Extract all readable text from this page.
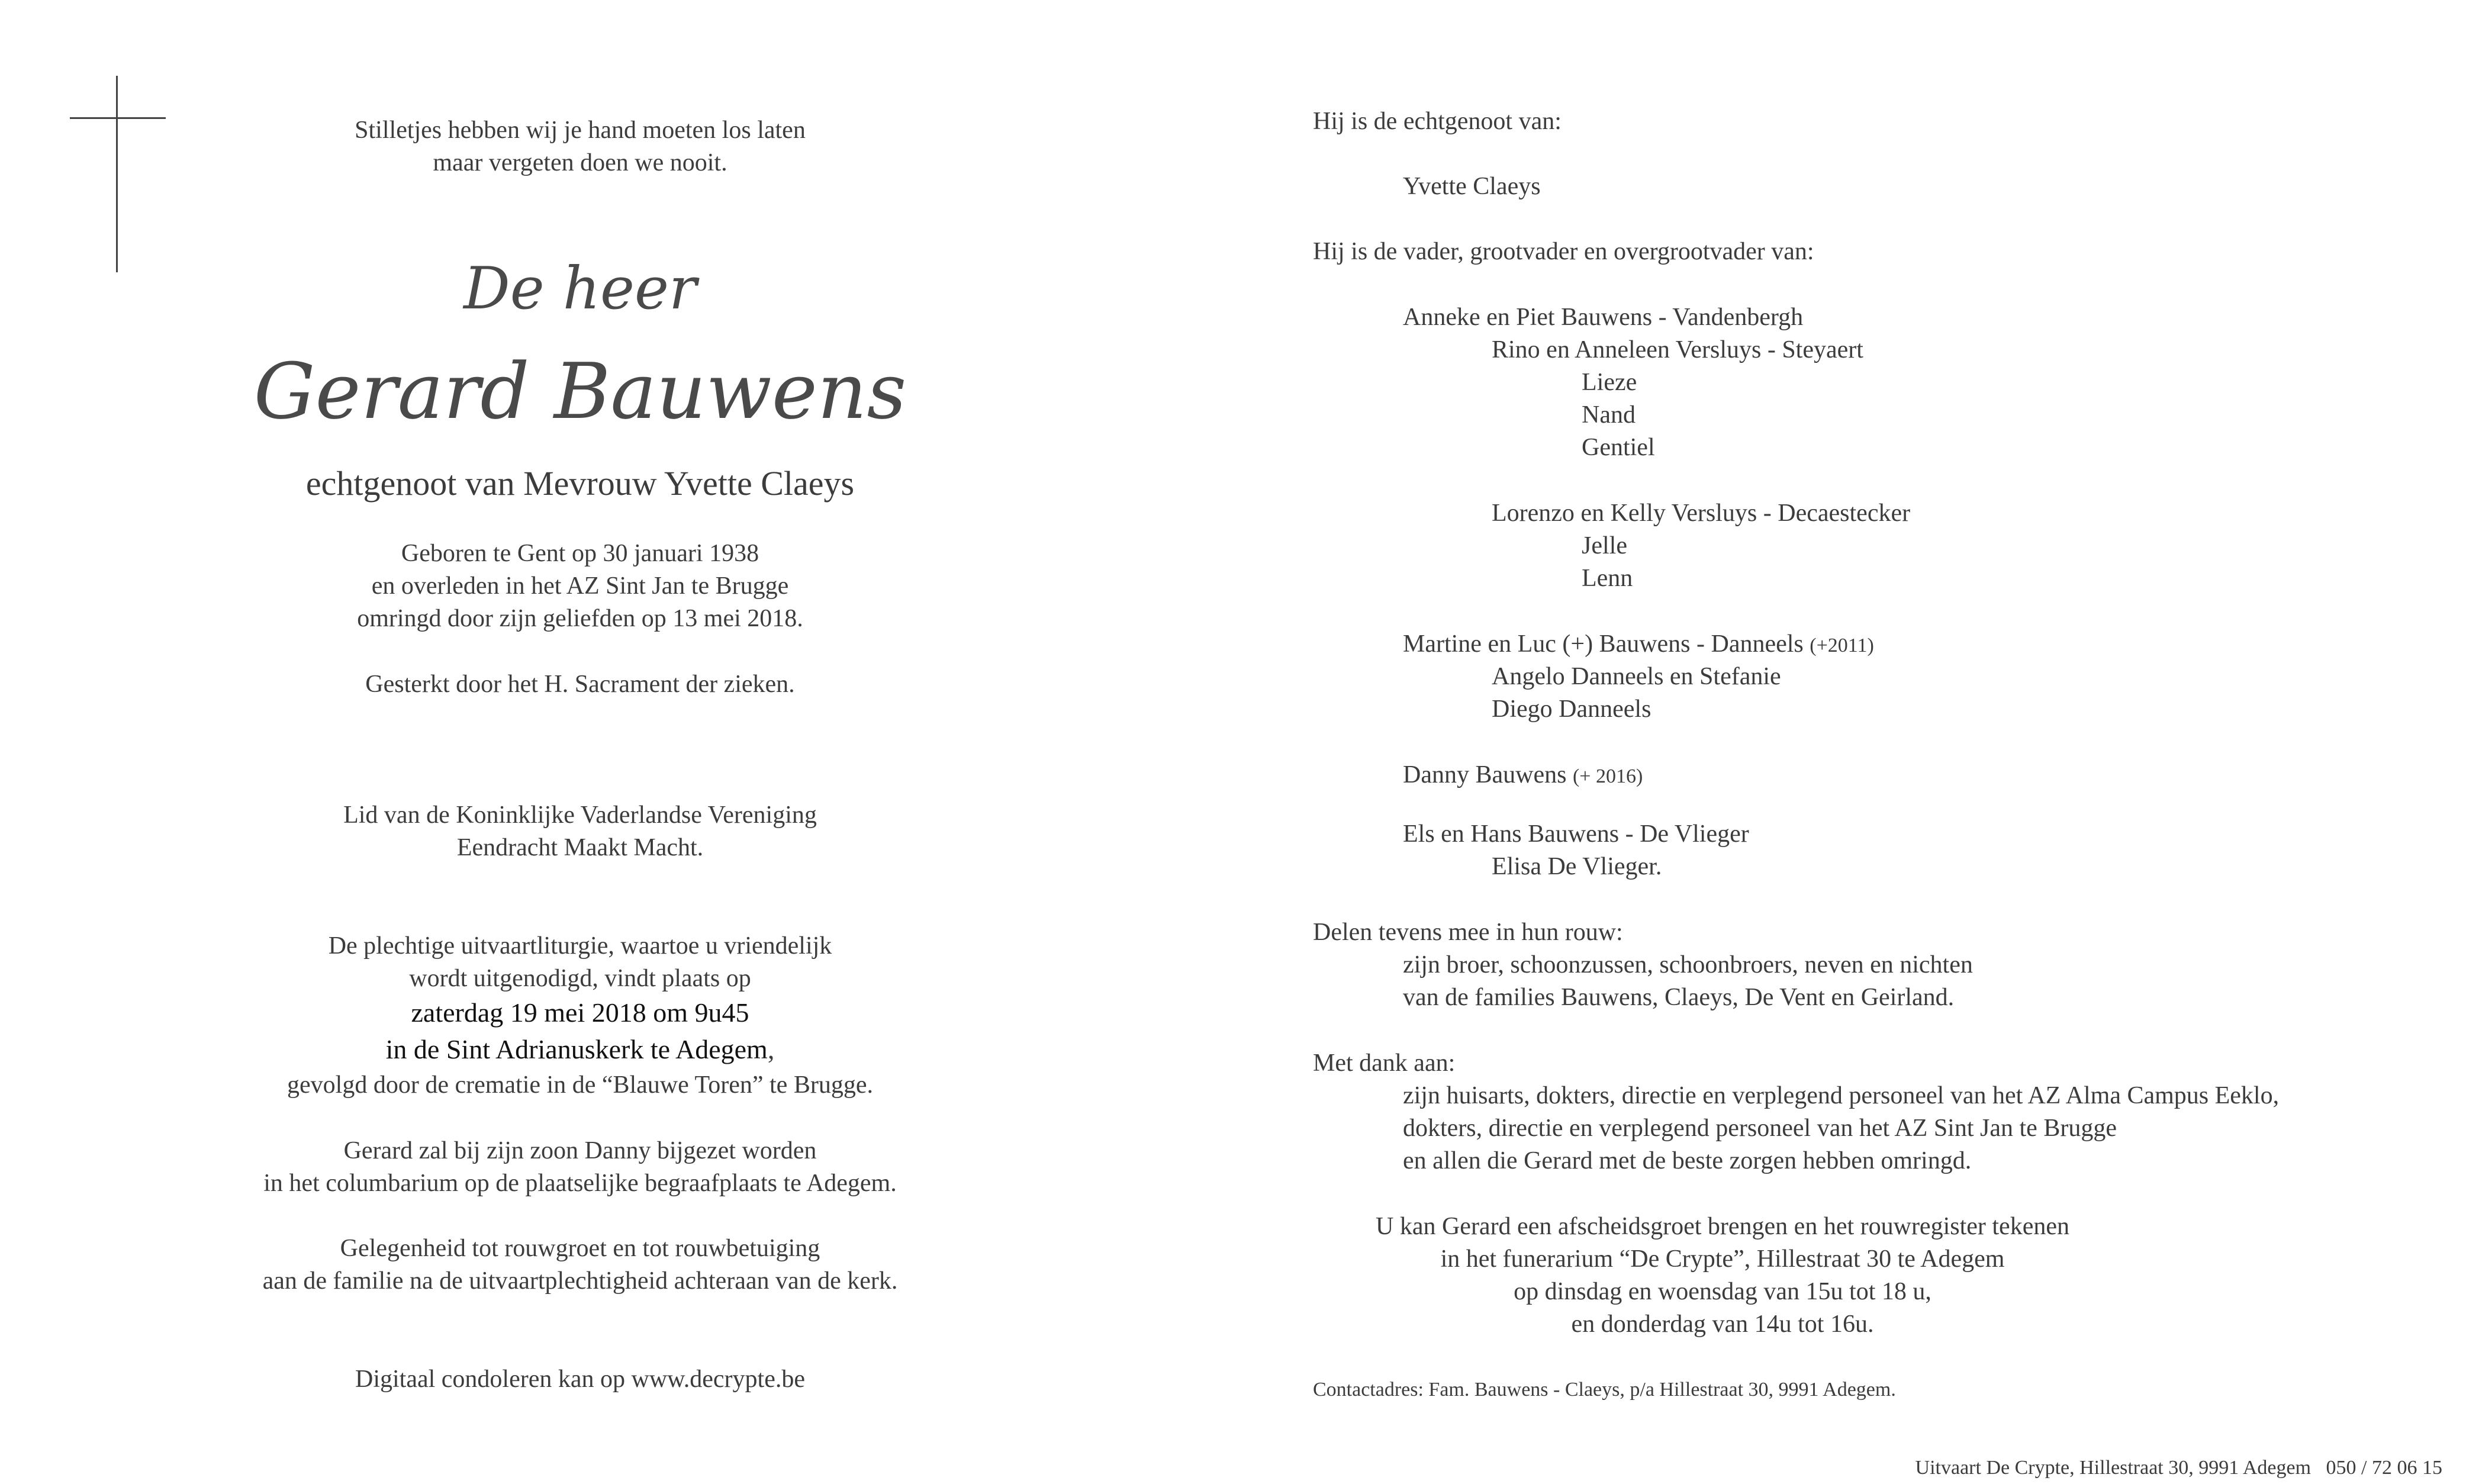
Stilletjes hebben wij je hand moeten los laten
maar vergeten doen we nooit.
De heer
Gerard Bauwens
echtgenoot van Mevrouw Yvette Claeys
Geboren te Gent op 30 januari 1938
en overleden in het AZ Sint Jan te Brugge
omringd door zijn geliefden op 13 mei 2018.
Gesterkt door het H. Sacrament der zieken.
Lid van de Koninklijke Vaderlandse Vereniging
Eendracht Maakt Macht.
De plechtige uitvaartliturgie, waartoe u vriendelijk
wordt uitgenodigd, vindt plaats op
zaterdag 19 mei 2018 om 9u45
in de Sint Adrianuskerk te Adegem,
gevolgd door de crematie in de “Blauwe Toren” te Brugge.
Gerard zal bij zijn zoon Danny bijgezet worden
in het columbarium op de plaatselijke begraafplaats te Adegem.
Gelegenheid tot rouwgroet en tot rouwbetuiging
aan de familie na de uitvaartplechtigheid achteraan van de kerk.
Digitaal condoleren kan op www.decrypte.be
Hij is de echtgenoot van:
Yvette Claeys
Hij is de vader, grootvader en overgrootvader van:
Anneke en Piet Bauwens - Vandenbergh
Rino en Anneleen Versluys - Steyaert
Lieze
Nand
Gentiel
Lorenzo en Kelly Versluys - Decaestecker
Jelle
Lenn
Martine en Luc (+) Bauwens - Danneels (+2011)
Angelo Danneels en Stefanie
Diego Danneels
Danny Bauwens (+ 2016)
Els en Hans Bauwens - De Vlieger
Elisa De Vlieger.
Delen tevens mee in hun rouw:
zijn broer, schoonzussen, schoonbroers, neven en nichten
van de families Bauwens, Claeys, De Vent en Geirland.
Met dank aan:
zijn huisarts, dokters, directie en verplegend personeel van het AZ Alma Campus Eeklo,
dokters, directie en verplegend personeel van het AZ Sint Jan te Brugge
en allen die Gerard met de beste zorgen hebben omringd.
U kan Gerard een afscheidsgroet brengen en het rouwregister tekenen
in het funerarium “De Crypte”, Hillestraat 30 te Adegem
op dinsdag en woensdag van 15u tot 18 u,
en donderdag van 14u tot 16u.
Contactadres: Fam. Bauwens - Claeys, p/a Hillestraat 30, 9991 Adegem.
Uitvaart De Crypte, Hillestraat 30, 9991 Adegem   050 / 72 06 15
